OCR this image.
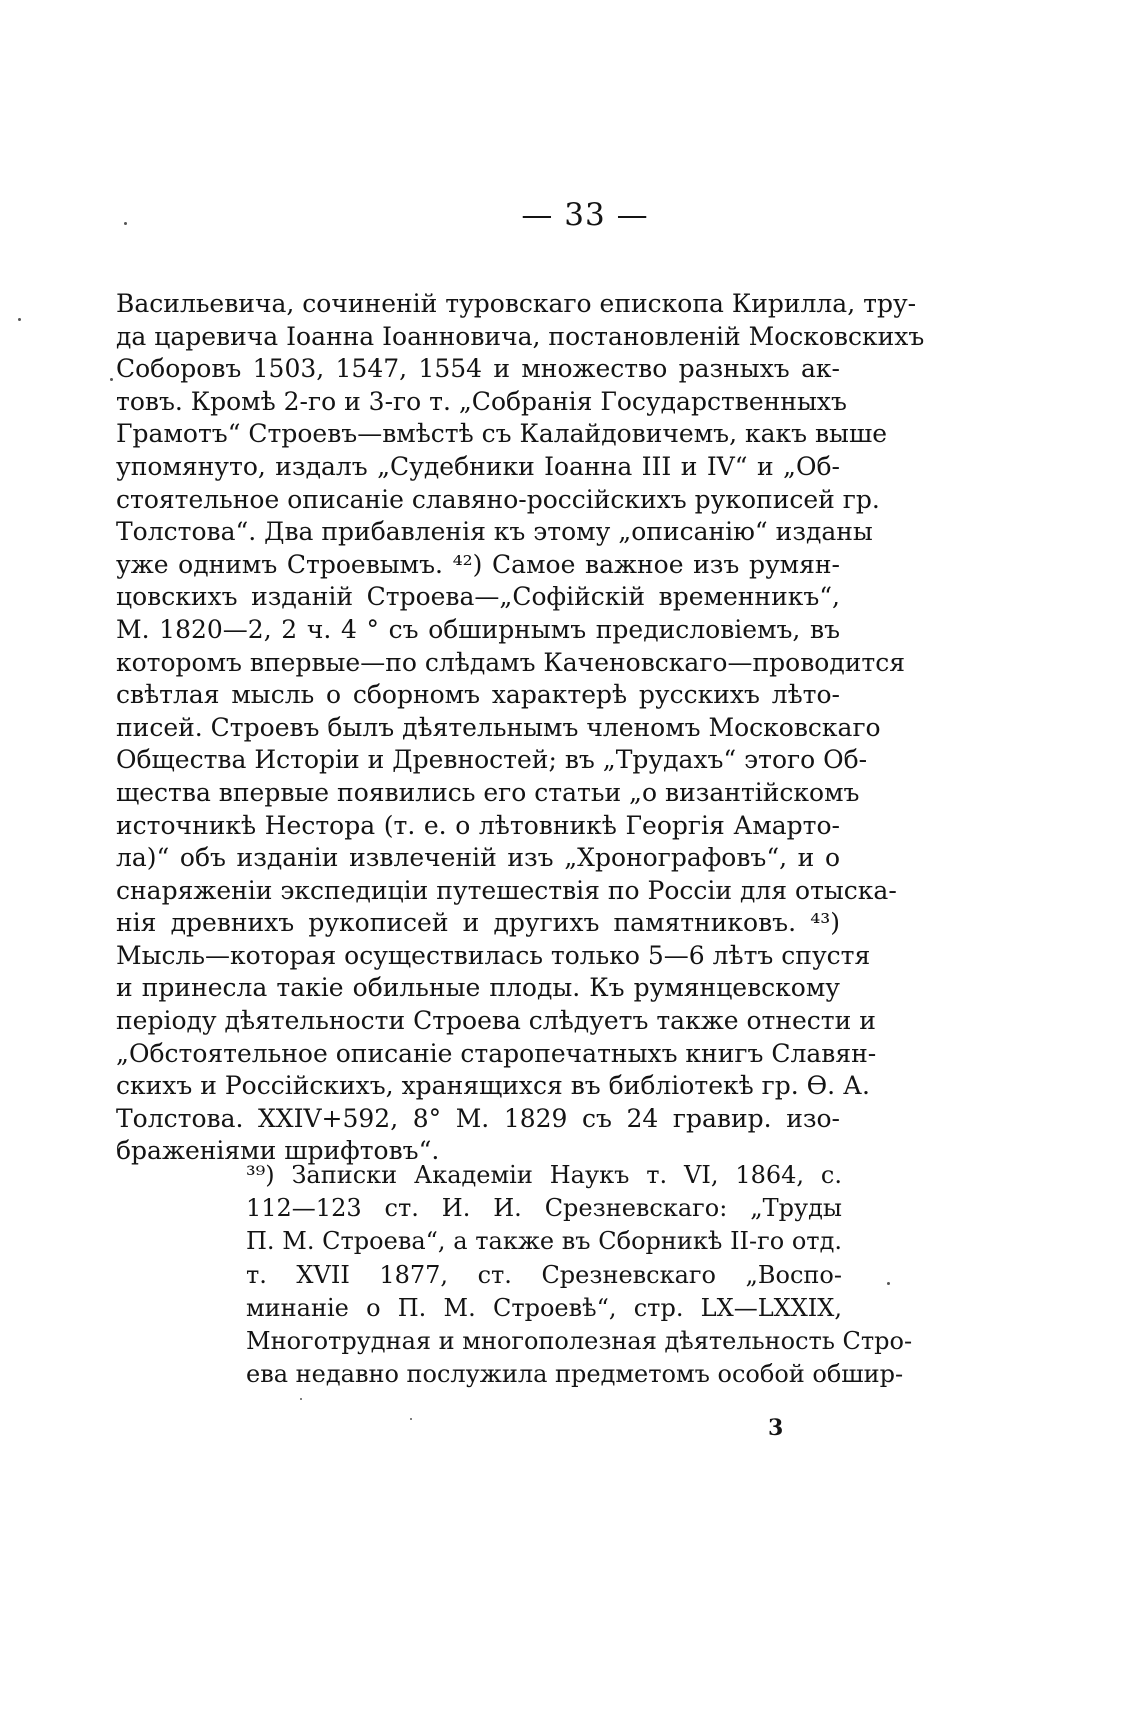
— 33 —
Васильевича, сочиненій туровскаго епископа Кирилла, тру-
да царевича Іоанна Іоанновича, постановленій Московскихъ
Соборовъ 1503, 1547, 1554 и множество разныхъ ак-
товъ. Кромѣ 2-го и 3-го т. „Собранія Государственныхъ
Грамотъ“ Строевъ—вмѣстѣ съ Калайдовичемъ, какъ выше
упомянуто, издалъ „Судебники Іоанна III и IV“ и „Об-
стоятельное описаніе славяно-россійскихъ рукописей гр.
Толстова“. Два прибавленія къ этому „описанію“ изданы
уже однимъ Строевымъ. ⁴²) Самое важное изъ румян-
цовскихъ изданій Строева—„Софійскій временникъ“,
М. 1820—2, 2 ч. 4 ° съ обширнымъ предисловіемъ, въ
которомъ впервые—по слѣдамъ Каченовскаго—проводится
свѣтлая мысль о сборномъ характерѣ русскихъ лѣто-
писей. Строевъ былъ дѣятельнымъ членомъ Московскаго
Общества Исторіи и Древностей; въ „Трудахъ“ этого Об-
щества впервые появились его статьи „о византійскомъ
источникѣ Нестора (т. е. о лѣтовникѣ Георгія Амарто-
ла)“ объ изданіи извлеченій изъ „Хронографовъ“, и о
снаряженіи экспедиціи путешествія по Россіи для отыска-
нія древнихъ рукописей и другихъ памятниковъ. ⁴³)
Мысль—которая осуществилась только 5—6 лѣтъ спустя
и принесла такіе обильные плоды. Къ румянцевскому
періоду дѣятельности Строева слѣдуетъ также отнести и
„Обстоятельное описаніе старопечатныхъ книгъ Славян-
скихъ и Россійскихъ, хранящихся въ библіотекѣ гр. Ѳ. А.
Толстова. XXIV+592, 8° М. 1829 съ 24 гравир. изо-
браженіями шрифтовъ“.
³⁹) Записки Академіи Наукъ т. VI, 1864, с.
112—123 ст. И. И. Срезневскаго: „Труды
П. М. Строева“, а также въ Сборникѣ II-го отд.
т. XVII 1877, ст. Срезневскаго „Воспо-
минаніе о П. М. Строевѣ“, стр. LX—LXXIX,
Многотрудная и многополезная дѣятельность Стро-
ева недавно послужила предметомъ особой обшир-
3
